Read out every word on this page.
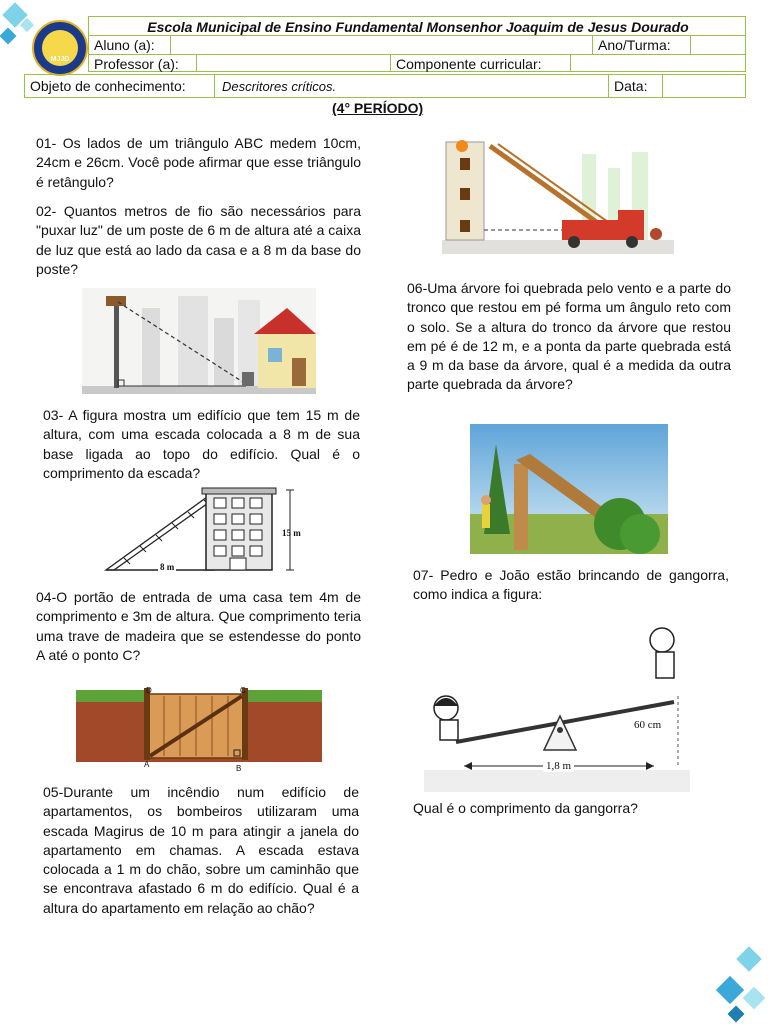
MJJD
Escola Municipal de Ensino Fundamental Monsenhor Joaquim de Jesus Dourado
Aluno (a):	Ano/Turma:
Professor (a):	Componente curricular:
Objeto de conhecimento:	Descritores críticos.	Data:
(4° PERÍODO)
01- Os lados de um triângulo ABC medem 10cm, 24cm e 26cm. Você pode afirmar que esse triângulo é retângulo?
02- Quantos metros de fio são necessários para "puxar luz" de um poste de 6 m de altura até a caixa de luz que está ao lado da casa e a 8 m da base do poste?
03- A figura mostra um edifício que tem 15 m de altura, com uma escada colocada a 8 m de sua base ligada ao topo do edifício. Qual é o comprimento da escada?
15 m
8 m
04-O portão de entrada de uma casa tem 4m de comprimento e 3m de altura. Que comprimento teria uma trave de madeira que se estendesse do ponto A até o ponto C?
D	C
A	B
05-Durante um incêndio num edifício de apartamentos, os bombeiros utilizaram uma escada Magirus de 10 m para atingir a janela do apartamento em chamas. A escada estava colocada a 1 m do chão, sobre um caminhão que se encontrava afastado 6 m do edifício. Qual é a altura do apartamento em relação ao chão?
06-Uma árvore foi quebrada pelo vento e a parte do tronco que restou em pé forma um ângulo reto com o solo. Se a altura do tronco da árvore que restou em pé é de 12 m, e a ponta da parte quebrada está a 9 m da base da árvore, qual é a medida da outra parte quebrada da árvore?
07- Pedro e João estão brincando de gangorra, como indica a figura:
60 cm
1,8 m
Qual é o comprimento da gangorra?
